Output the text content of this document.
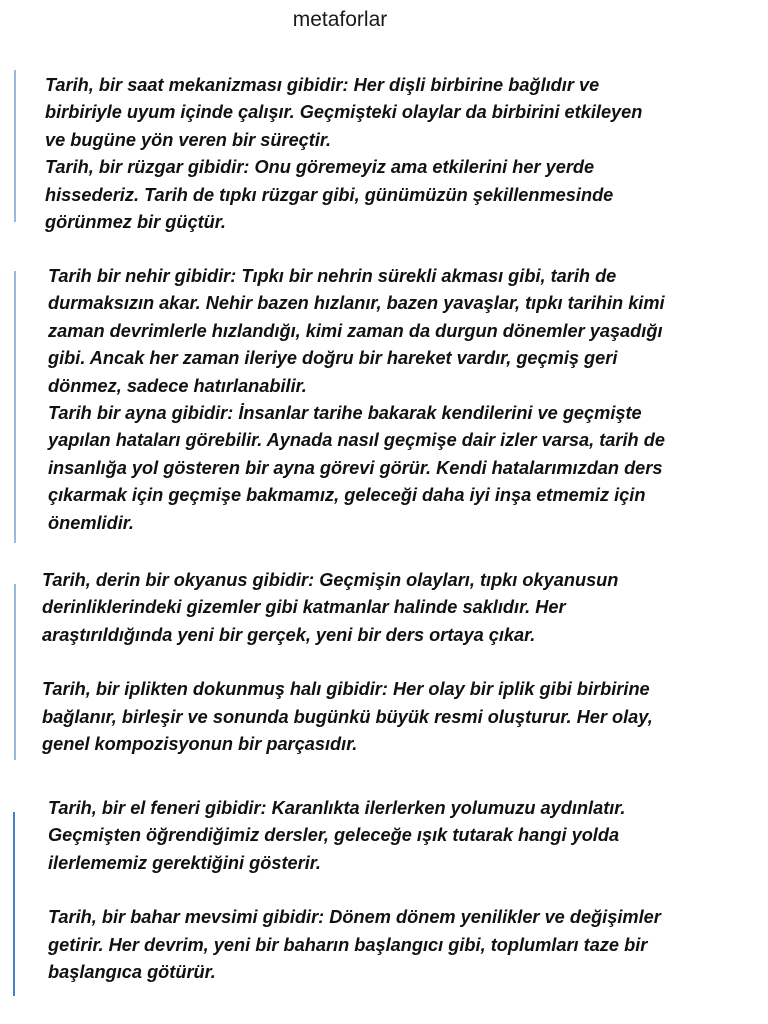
metaforlar

Tarih, bir saat mekanizması gibidir: Her dişli birbirine bağlıdır ve
birbiriyle uyum içinde çalışır. Geçmişteki olaylar da birbirini etkileyen
ve bugüne yön veren bir süreçtir.

Tarih, bir rüzgar gibidir: Onu göremeyiz ama etkilerini her yerde
hissederiz. Tarih de tıpkı rüzgar gibi, günümüzün şekillenmesinde
görünmez bir güçtür.

Tarih bir nehir gibidir: Tıpkı bir nehrin sürekli akması gibi, tarih de
durmaksızın akar. Nehir bazen hızlanır, bazen yavaşlar, tıpkı tarihin kimi
zaman devrimlerle hızlandığı, kimi zaman da durgun dönemler yaşadığı
gibi. Ancak her zaman ileriye doğru bir hareket vardır, geçmiş geri
dönmez, sadece hatırlanabilir.

Tarih bir ayna gibidir: İnsanlar tarihe bakarak kendilerini ve geçmişte
yapılan hataları görebilir. Aynada nasıl geçmişe dair izler varsa, tarih de
insanlığa yol gösteren bir ayna görevi görür. Kendi hatalarımızdan ders
çıkarmak için geçmişe bakmamız, geleceği daha iyi inşa etmemiz için
önemlidir.

Tarih, derin bir okyanus gibidir: Geçmişin olayları, tıpkı okyanusun
derinliklerindeki gizemler gibi katmanlar halinde saklıdır. Her
araştırıldığında yeni bir gerçek, yeni bir ders ortaya çıkar.

Tarih, bir iplikten dokunmuş halı gibidir: Her olay bir iplik gibi birbirine
bağlanır, birleşir ve sonunda bugünkü büyük resmi oluşturur. Her olay,
genel kompozisyonun bir parçasıdır.

Tarih, bir el feneri gibidir: Karanlıkta ilerlerken yolumuzu aydınlatır.
Geçmişten öğrendiğimiz dersler, geleceğe ışık tutarak hangi yolda
ilerlememiz gerektiğini gösterir.

Tarih, bir bahar mevsimi gibidir: Dönem dönem yenilikler ve değişimler
getirir. Her devrim, yeni bir baharın başlangıcı gibi, toplumları taze bir
başlangıca götürür.
